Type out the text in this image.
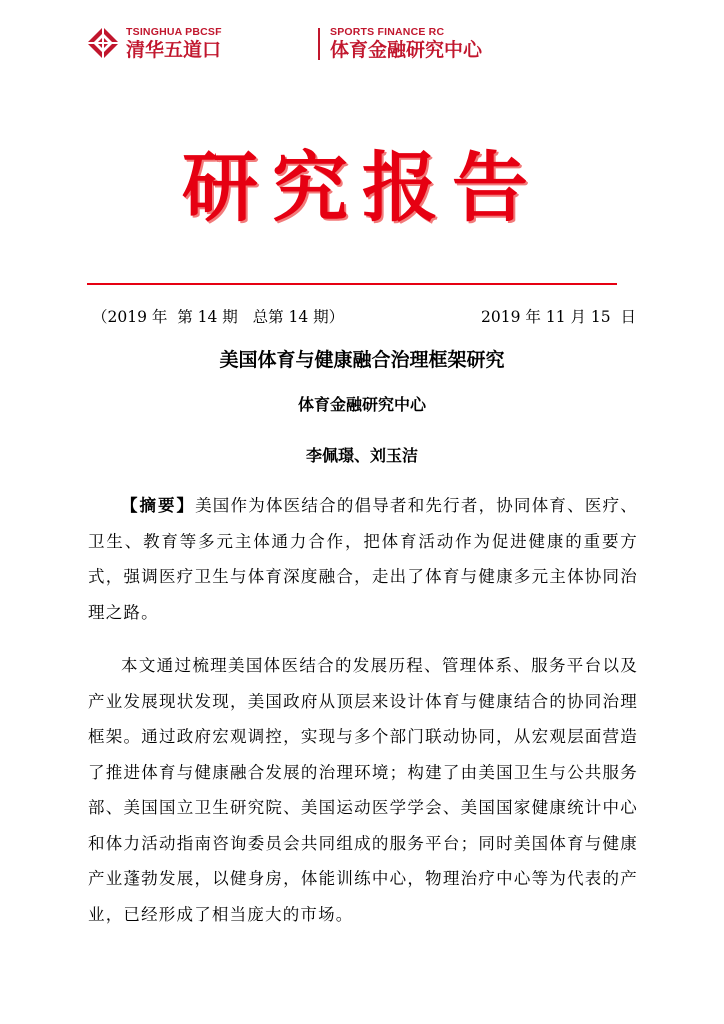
TSINGHUA PBCSF
清华五道口
SPORTS FINANCE RC
体育金融研究中心
研究报告
（2019 年  第 14 期   总第 14 期）	2019 年 11 月 15  日
美国体育与健康融合治理框架研究
体育金融研究中心
李佩璟、刘玉洁
【摘要】美国作为体医结合的倡导者和先行者，协同体育、医疗、卫生、教育等多元主体通力合作，把体育活动作为促进健康的重要方式，强调医疗卫生与体育深度融合，走出了体育与健康多元主体协同治理之路。
本文通过梳理美国体医结合的发展历程、管理体系、服务平台以及产业发展现状发现，美国政府从顶层来设计体育与健康结合的协同治理框架。通过政府宏观调控，实现与多个部门联动协同，从宏观层面营造了推进体育与健康融合发展的治理环境；构建了由美国卫生与公共服务部、美国国立卫生研究院、美国运动医学学会、美国国家健康统计中心和体力活动指南咨询委员会共同组成的服务平台；同时美国体育与健康产业蓬勃发展，以健身房，体能训练中心，物理治疗中心等为代表的产业，已经形成了相当庞大的市场。
